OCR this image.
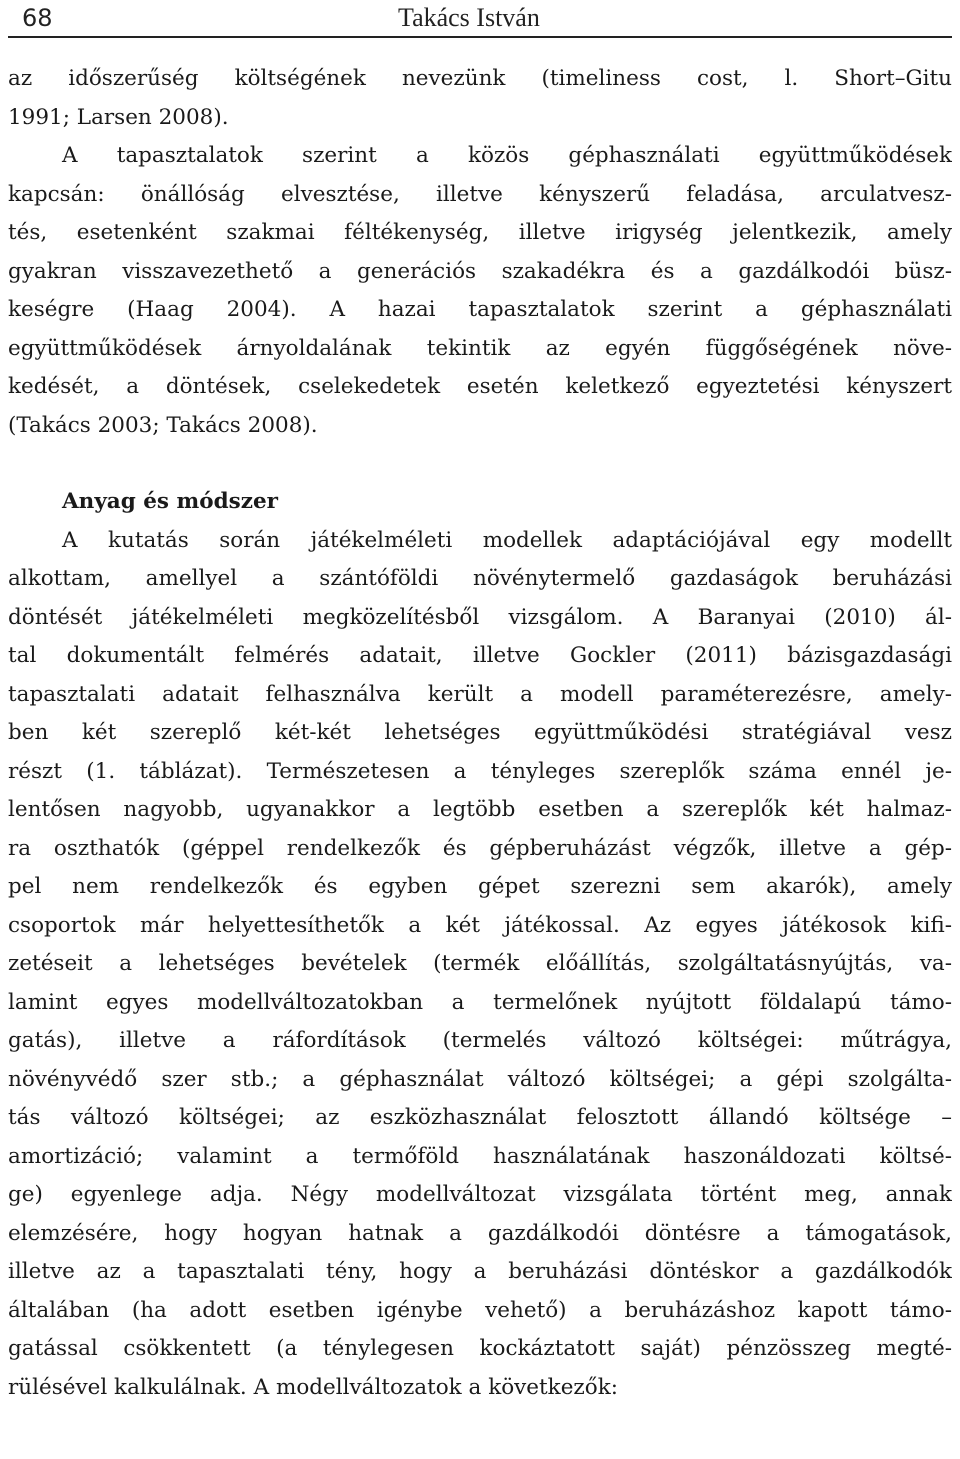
68	Takács István
az időszerűség költségének nevezünk (timeliness cost, l. Short–Gitu
1991; Larsen 2008).
A tapasztalatok szerint a közös géphasználati együttműködések
kapcsán: önállóság elvesztése, illetve kényszerű feladása, arculatvesz-
tés, esetenként szakmai féltékenység, illetve irigység jelentkezik, amely
gyakran visszavezethető a generációs szakadékra és a gazdálkodói büsz-
keségre (Haag 2004). A hazai tapasztalatok szerint a géphasználati
együttműködések árnyoldalának tekintik az egyén függőségének növe-
kedését, a döntések, cselekedetek esetén keletkező egyeztetési kényszert
(Takács 2003; Takács 2008).
Anyag és módszer
A kutatás során játékelméleti modellek adaptációjával egy modellt
alkottam, amellyel a szántóföldi növénytermelő gazdaságok beruházási
döntését játékelméleti megközelítésből vizsgálom. A Baranyai (2010) ál-
tal dokumentált felmérés adatait, illetve Gockler (2011) bázisgazdasági
tapasztalati adatait felhasználva került a modell paraméterezésre, amely-
ben két szereplő két-két lehetséges együttműködési stratégiával vesz
részt (1. táblázat). Természetesen a tényleges szereplők száma ennél je-
lentősen nagyobb, ugyanakkor a legtöbb esetben a szereplők két halmaz-
ra oszthatók (géppel rendelkezők és gépberuházást végzők, illetve a gép-
pel nem rendelkezők és egyben gépet szerezni sem akarók), amely
csoportok már helyettesíthetők a két játékossal. Az egyes játékosok kifi-
zetéseit a lehetséges bevételek (termék előállítás, szolgáltatásnyújtás, va-
lamint egyes modellváltozatokban a termelőnek nyújtott földalapú támo-
gatás), illetve a ráfordítások (termelés változó költségei: műtrágya,
növényvédő szer stb.; a géphasználat változó költségei; a gépi szolgálta-
tás változó költségei; az eszközhasználat felosztott állandó költsége –
amortizáció; valamint a termőföld használatának haszonáldozati költsé-
ge) egyenlege adja. Négy modellváltozat vizsgálata történt meg, annak
elemzésére, hogy hogyan hatnak a gazdálkodói döntésre a támogatások,
illetve az a tapasztalati tény, hogy a beruházási döntéskor a gazdálkodók
általában (ha adott esetben igénybe vehető) a beruházáshoz kapott támo-
gatással csökkentett (a ténylegesen kockáztatott saját) pénzösszeg megté-
rülésével kalkulálnak. A modellváltozatok a következők:
